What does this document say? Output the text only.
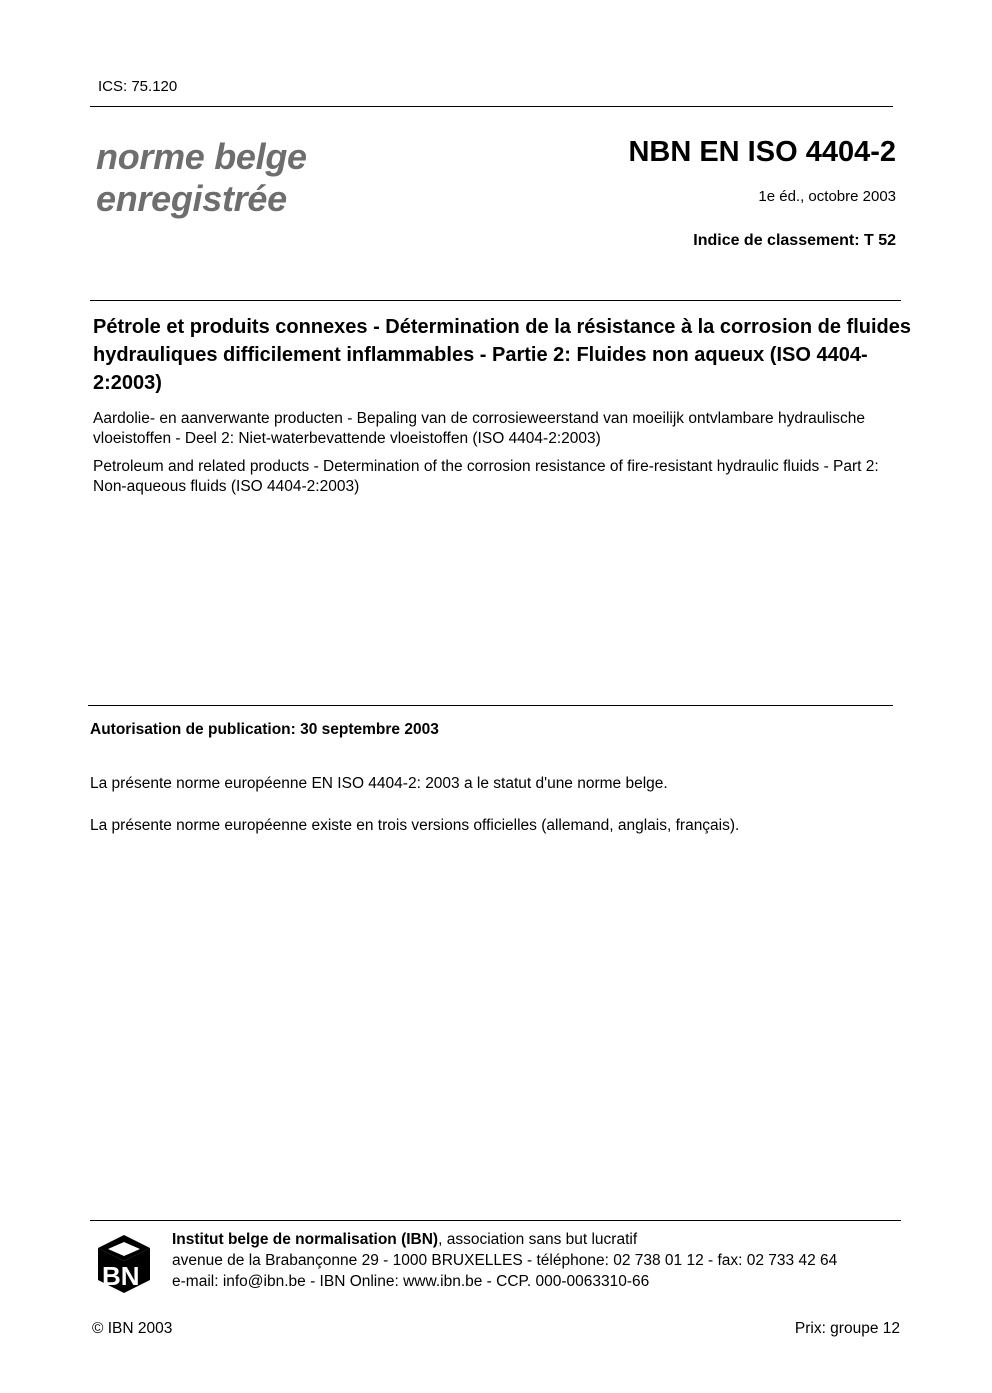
ICS: 75.120
norme belge
enregistrée
NBN EN ISO 4404-2
1e éd., octobre 2003
Indice de classement: T 52
Pétrole et produits connexes - Détermination de la résistance à la corrosion de fluides hydrauliques difficilement inflammables - Partie 2: Fluides non aqueux (ISO 4404-2:2003)
Aardolie- en aanverwante producten - Bepaling van de corrosieweerstand van moeilijk ontvlambare hydraulische vloeistoffen - Deel 2: Niet-waterbevattende vloeistoffen (ISO 4404-2:2003)
Petroleum and related products - Determination of the corrosion resistance of fire-resistant hydraulic fluids - Part 2: Non-aqueous fluids (ISO 4404-2:2003)
Autorisation de publication: 30 septembre 2003
La présente norme européenne EN ISO 4404-2: 2003 a le statut d'une norme belge.
La présente norme européenne existe en trois versions officielles (allemand, anglais, français).
BN
Institut belge de normalisation (IBN), association sans but lucratif
avenue de la Brabançonne 29 - 1000 BRUXELLES - téléphone: 02 738 01 12 - fax: 02 733 42 64
e-mail: info@ibn.be - IBN Online: www.ibn.be - CCP. 000-0063310-66
© IBN 2003	Prix: groupe 12
